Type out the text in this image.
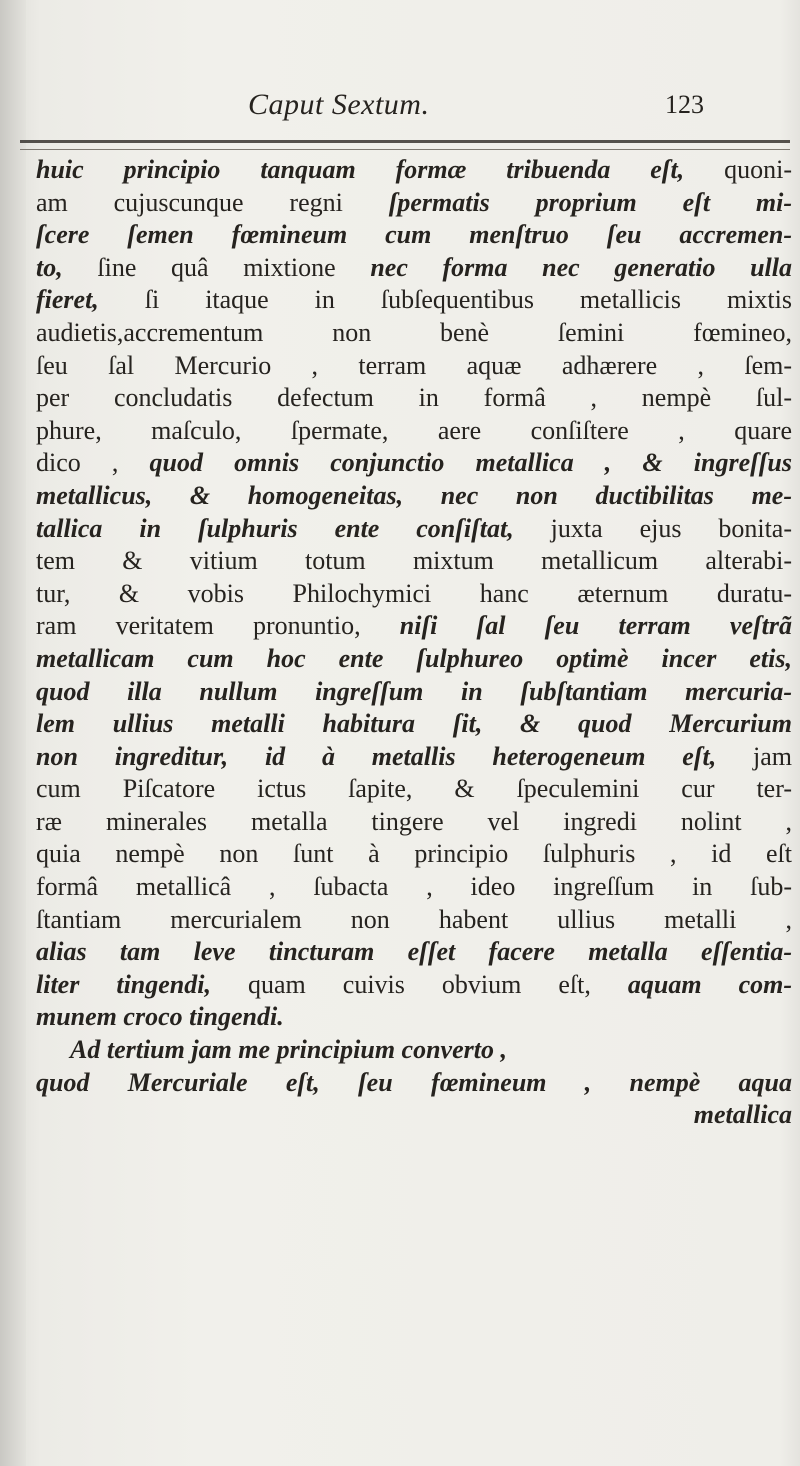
Caput Sextum.	123
huic principio tanquam formæ tribuenda eſt, quoni-
am cujuscunque regni ſpermatis proprium eſt mi-
ſcere ſemen fœmineum cum menſtruo ſeu accremen-
to, ſine quâ mixtione nec forma nec generatio ulla
fieret, ſi itaque in ſubſequentibus metallicis mixtis
audietis,accrementum non benè ſemini fœmineo,
ſeu ſal Mercurio , terram aquæ adhærere , ſem-
per concludatis defectum in formâ , nempè ſul-
phure, maſculo, ſpermate, aere conſiſtere , quare
dico , quod omnis conjunctio metallica , & ingreſſus
metallicus, & homogeneitas, nec non ductibilitas me-
tallica in ſulphuris ente conſiſtat, juxta ejus bonita-
tem & vitium totum mixtum metallicum alterabi-
tur, & vobis Philochymici hanc æternum duratu-
ram veritatem pronuntio, niſi ſal ſeu terram veſtrã
metallicam cum hoc ente ſulphureo optimè incer etis,
quod illa nullum ingreſſum in ſubſtantiam mercuria-
lem ullius metalli habitura ſit, & quod Mercurium
non ingreditur, id à metallis heterogeneum eſt, jam
cum Piſcatore ictus ſapite, & ſpeculemini cur ter-
ræ minerales metalla tingere vel ingredi nolint ,
quia nempè non ſunt à principio ſulphuris , id eſt
formâ metallicâ , ſubacta , ideo ingreſſum in ſub-
ſtantiam mercurialem non habent ullius metalli ,
alias tam leve tincturam eſſet facere metalla eſſentia-
liter tingendi, quam cuivis obvium eſt, aquam com-
munem croco tingendi.
Ad tertium jam me principium converto ,
quod Mercuriale eſt, ſeu fœmineum , nempè aqua
metallica
